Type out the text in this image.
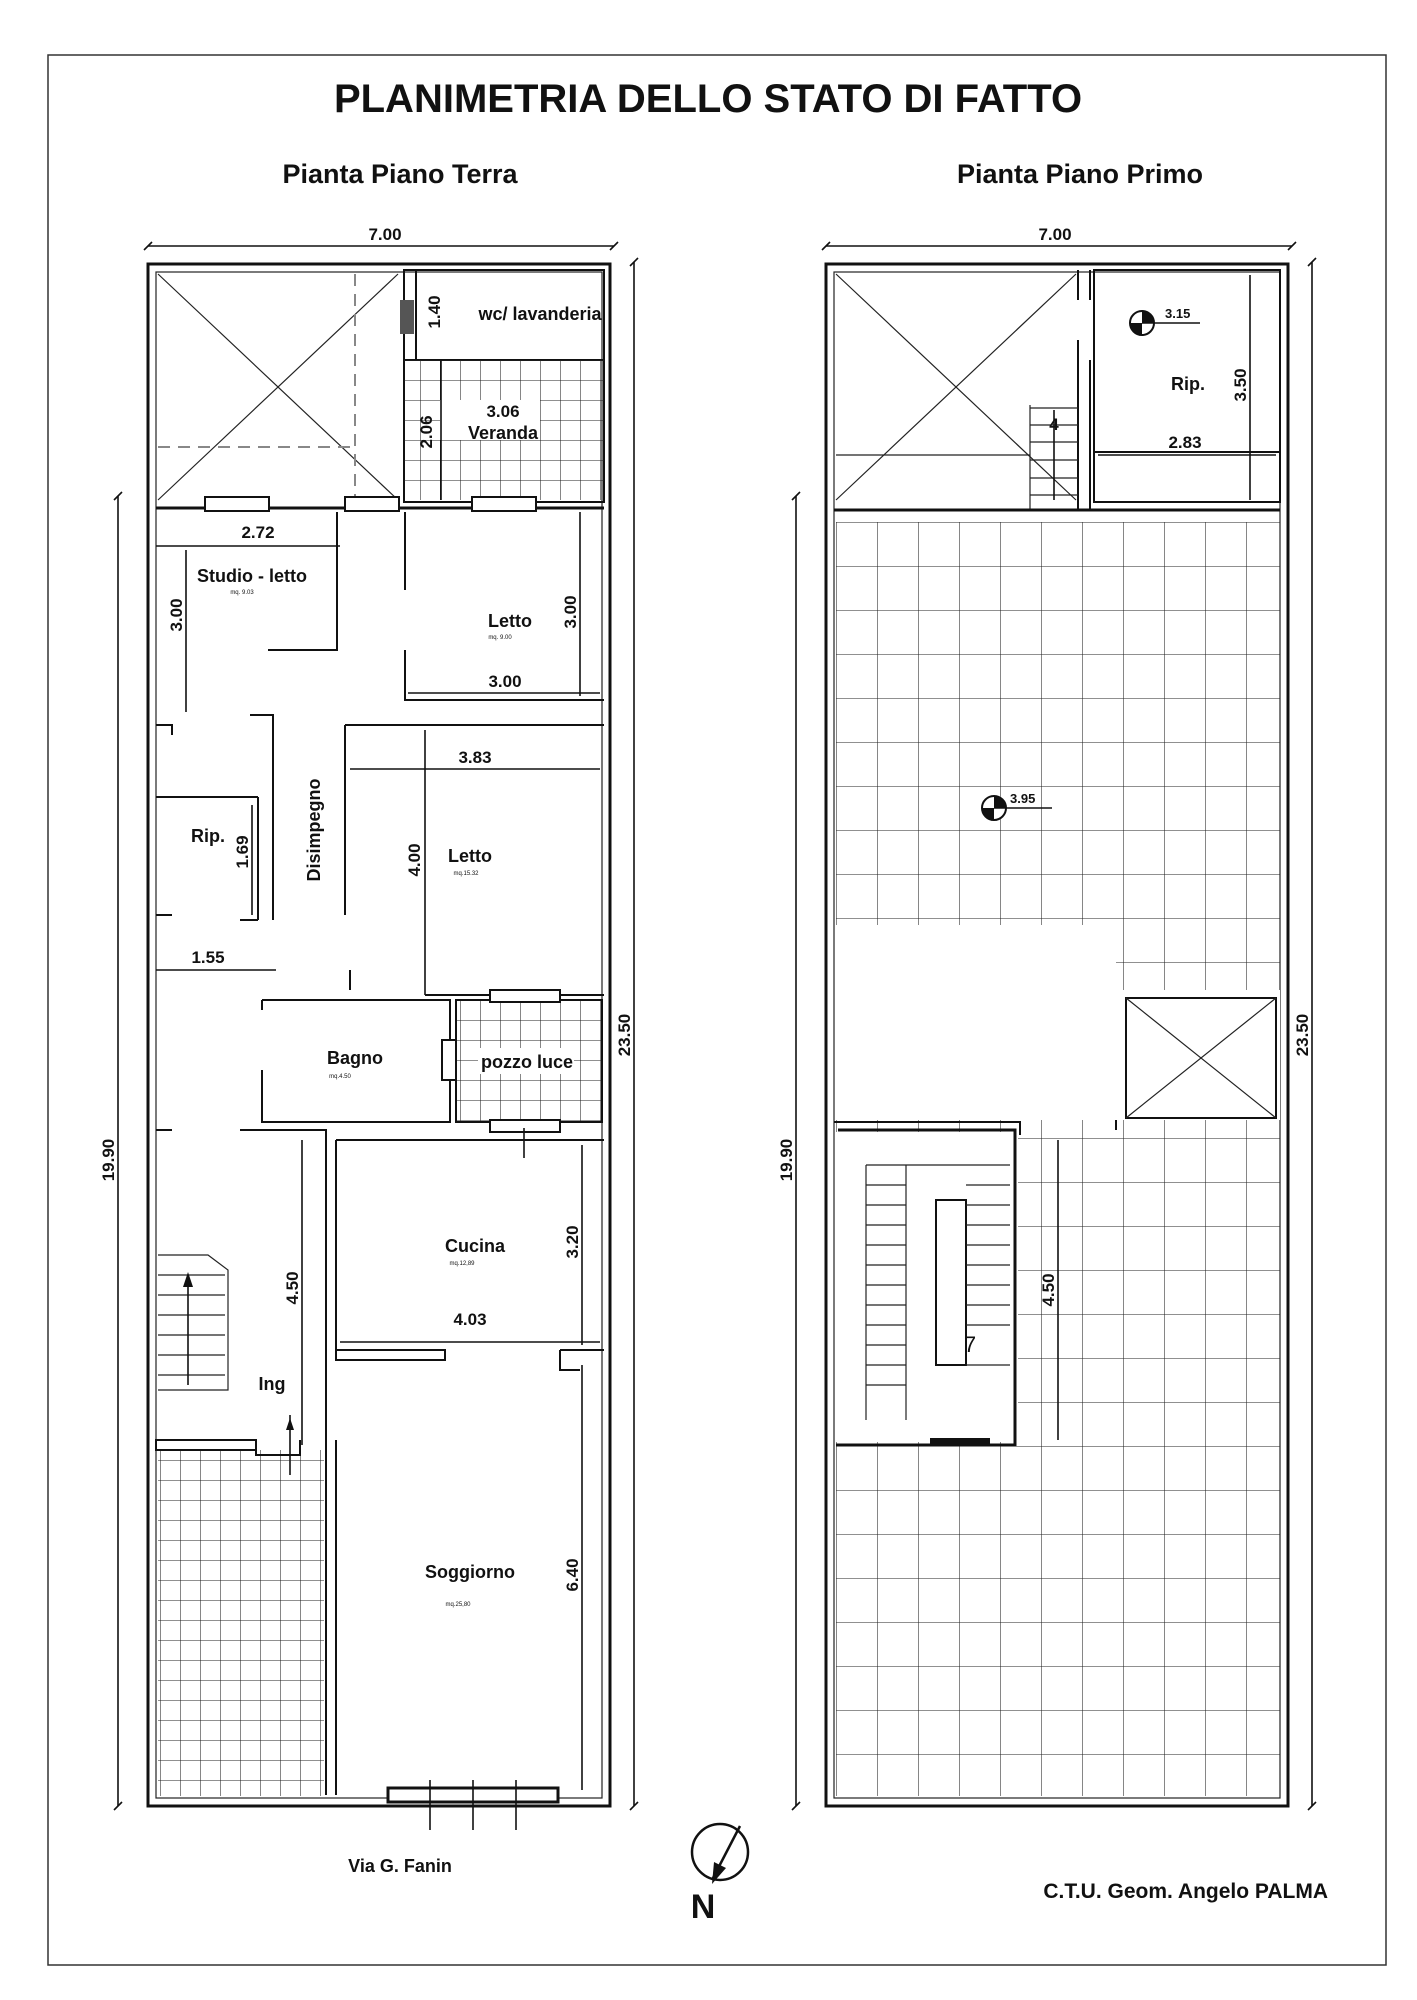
PLANIMETRIA DELLO STATO DI FATTO
Pianta Piano Terra	Pianta Piano Primo
7.00
19.90
23.50
wc/ lavanderia
1.40
3.06
Veranda
2.06
2.72
Studio - letto
mq. 9.03
3.00	Letto
mq. 9.00
3.00
3.00
Rip. 1.69	Disimpegno
1.55
3.83
4.00 Letto
mq.15.32
Bagno
mq.4.50
pozzo luce
4.50
Cucina
mq.12,89
3.20
4.03
Ing
Soggiorno
mq.25,80
6.40
Via G. Fanin
7.00
19.90
23.50
4
3.15
Rip. 3.50
2.83
3.95
7
4.50
N	C.T.U. Geom. Angelo PALMA
